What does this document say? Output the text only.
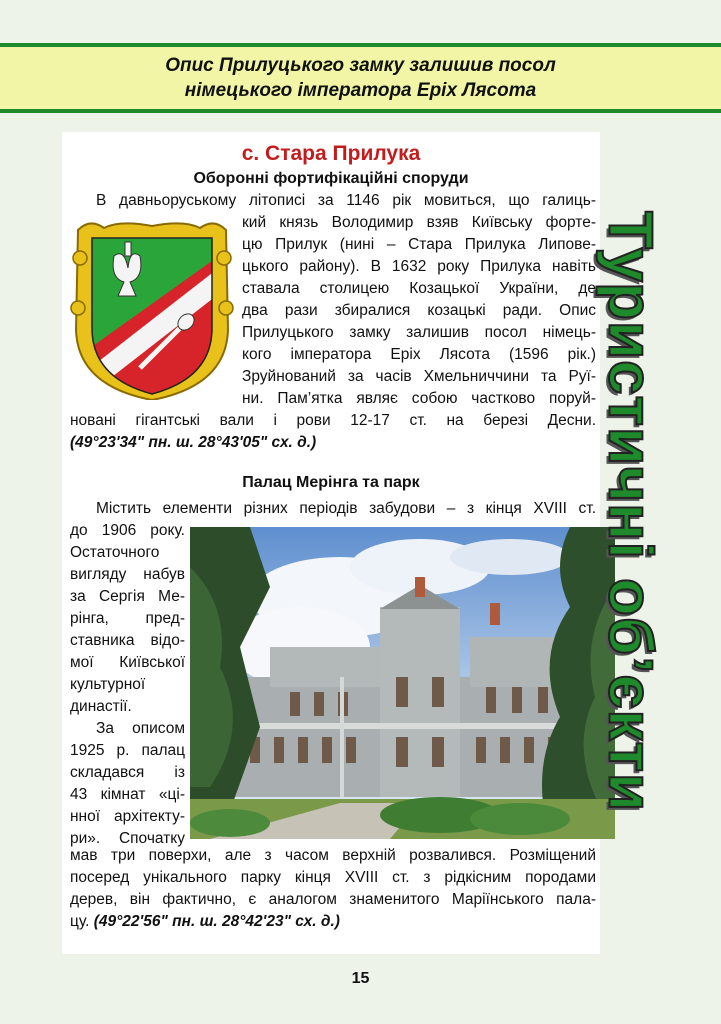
Опис Прилуцького замку залишив посол
німецького імператора Еріх Лясота
с. Стара Прилука
Оборонні фортифікаційні споруди
В давньоруському літописі за 1146 рік мовиться, що галиць-
кий князь Володимир взяв Київську форте-
цю Прилук (нині – Стара Прилука Липове-
цького району). В 1632 року Прилука навіть
ставала столицею Козацької України, де
два рази збиралися козацькі ради. Опис
Прилуцького замку залишив посол німець-
кого імператора Еріх Лясота (1596 рік.)
Зруйнований за часів Хмельниччини та Руї-
ни. Пам’ятка являє собою частково поруй-
новані гігантські вали і рови 12-17 ст. на березі Десни.
(49°23'34" пн. ш. 28°43'05" сх. д.)
Палац Мерінга та парк
Містить елементи різних періодів забудови – з кінця XVIII ст.
до 1906 року.
Остаточного
вигляду набув
за Сергія Ме-
рінга, пред-
ставника відо-
мої Київської
культурної
династії.
За описом
1925 р. палац
складався із
43 кімнат «ці-
нної архітекту-
ри». Спочатку
мав три поверхи, але з часом верхній розвалився. Розміщений
посеред унікального парку кінця XVIII ст. з рідкісним породами
дерев, він фактично, є аналогом знаменитого Маріїнського пала-
цу. (49°22'56" пн. ш. 28°42'23" сх. д.)
Туристичні об’єкти
15
